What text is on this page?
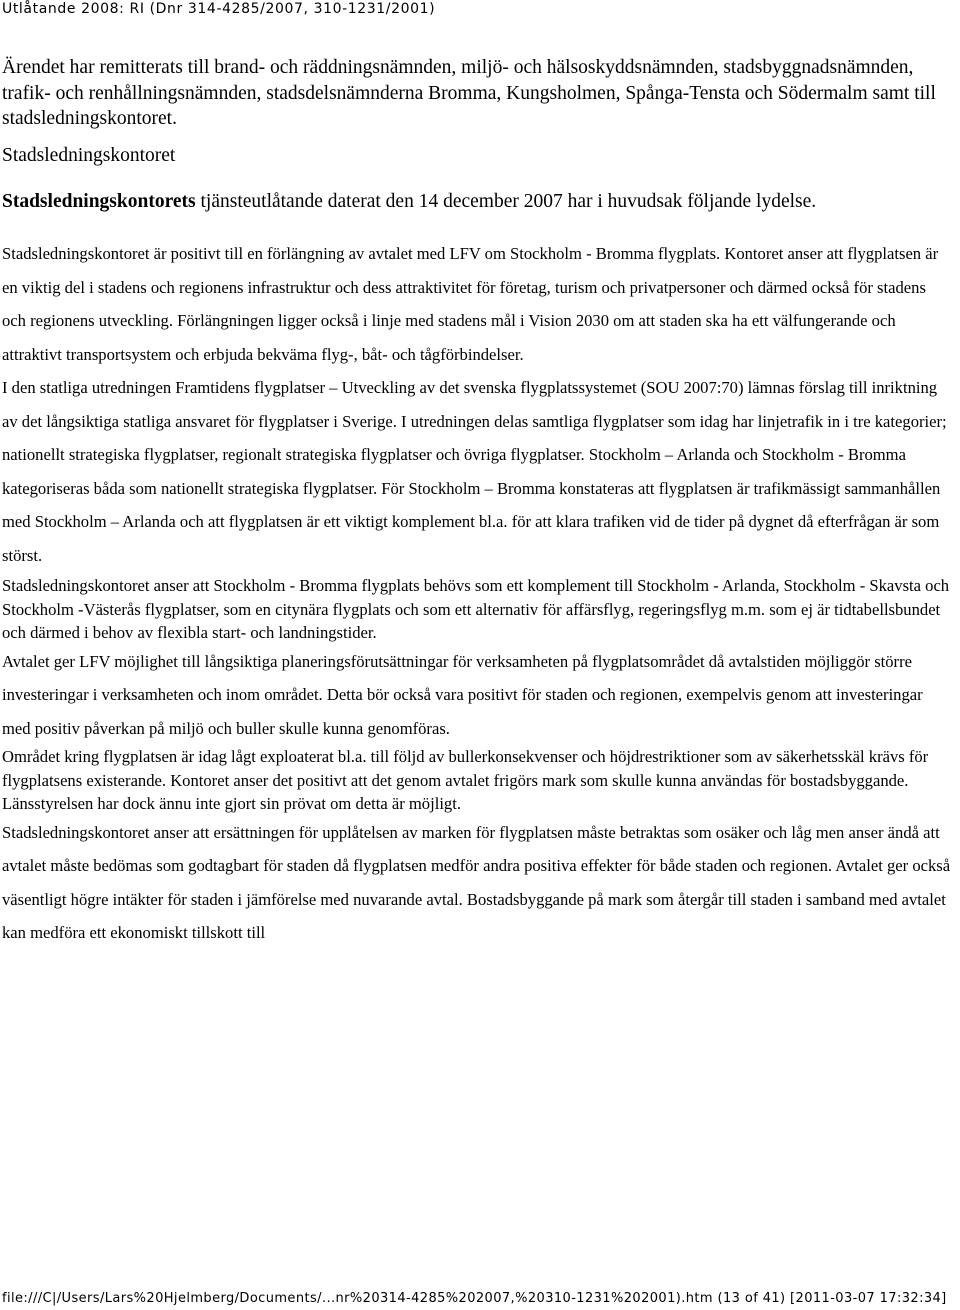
Utlåtande 2008: RI (Dnr 314-4285/2007, 310-1231/2001)

Ärendet har remitterats till brand- och räddningsnämnden, miljö- och hälsoskyddsnämnden, stadsbyggnadsnämnden, trafik- och renhållningsnämnden, stadsdelsnämnderna Bromma, Kungsholmen, Spånga-Tensta och Södermalm samt till stadsledningskontoret.

Stadsledningskontoret

Stadsledningskontorets tjänsteutlåtande daterat den 14 december 2007 har i huvudsak följande lydelse.

Stadsledningskontoret är positivt till en förlängning av avtalet med LFV om Stockholm - Bromma flygplats. Kontoret anser att flygplatsen är en viktig del i stadens och regionens infrastruktur och dess attraktivitet för företag, turism och privatpersoner och därmed också för stadens och regionens utveckling. Förlängningen ligger också i linje med stadens mål i Vision 2030 om att staden ska ha ett välfungerande och attraktivt transportsystem och erbjuda bekväma flyg-, båt- och tågförbindelser.

I den statliga utredningen Framtidens flygplatser – Utveckling av det svenska flygplatssystemet (SOU 2007:70) lämnas förslag till inriktning av det långsiktiga statliga ansvaret för flygplatser i Sverige. I utredningen delas samtliga flygplatser som idag har linjetrafik in i tre kategorier; nationellt strategiska flygplatser, regionalt strategiska flygplatser och övriga flygplatser. Stockholm – Arlanda och Stockholm - Bromma kategoriseras båda som nationellt strategiska flygplatser. För Stockholm – Bromma konstateras att flygplatsen är trafikmässigt sammanhållen med Stockholm – Arlanda och att flygplatsen är ett viktigt komplement bl.a. för att klara trafiken vid de tider på dygnet då efterfrågan är som störst.

Stadsledningskontoret anser att Stockholm - Bromma flygplats behövs som ett komplement till Stockholm - Arlanda, Stockholm - Skavsta och Stockholm -Västerås flygplatser, som en citynära flygplats och som ett alternativ för affärsflyg, regeringsflyg m.m. som ej är tidtabellsbundet och därmed i behov av flexibla start- och landningstider.

Avtalet ger LFV möjlighet till långsiktiga planeringsförutsättningar för verksamheten på flygplatsområdet då avtalstiden möjliggör större investeringar i verksamheten och inom området. Detta bör också vara positivt för staden och regionen, exempelvis genom att investeringar med positiv påverkan på miljö och buller skulle kunna genomföras.

Området kring flygplatsen är idag lågt exploaterat bl.a. till följd av bullerkonsekvenser och höjdrestriktioner som av säkerhetsskäl krävs för flygplatsens existerande. Kontoret anser det positivt att det genom avtalet frigörs mark som skulle kunna användas för bostadsbyggande. Länsstyrelsen har dock ännu inte gjort sin prövat om detta är möjligt.

Stadsledningskontoret anser att ersättningen för upplåtelsen av marken för flygplatsen måste betraktas som osäker och låg men anser ändå att avtalet måste bedömas som godtagbart för staden då flygplatsen medför andra positiva effekter för både staden och regionen. Avtalet ger också väsentligt högre intäkter för staden i jämförelse med nuvarande avtal. Bostadsbyggande på mark som återgår till staden i samband med avtalet kan medföra ett ekonomiskt tillskott till

file:///C|/Users/Lars%20Hjelmberg/Documents/...nr%20314-4285%202007,%20310-1231%202001).htm (13 of 41) [2011-03-07 17:32:34]
